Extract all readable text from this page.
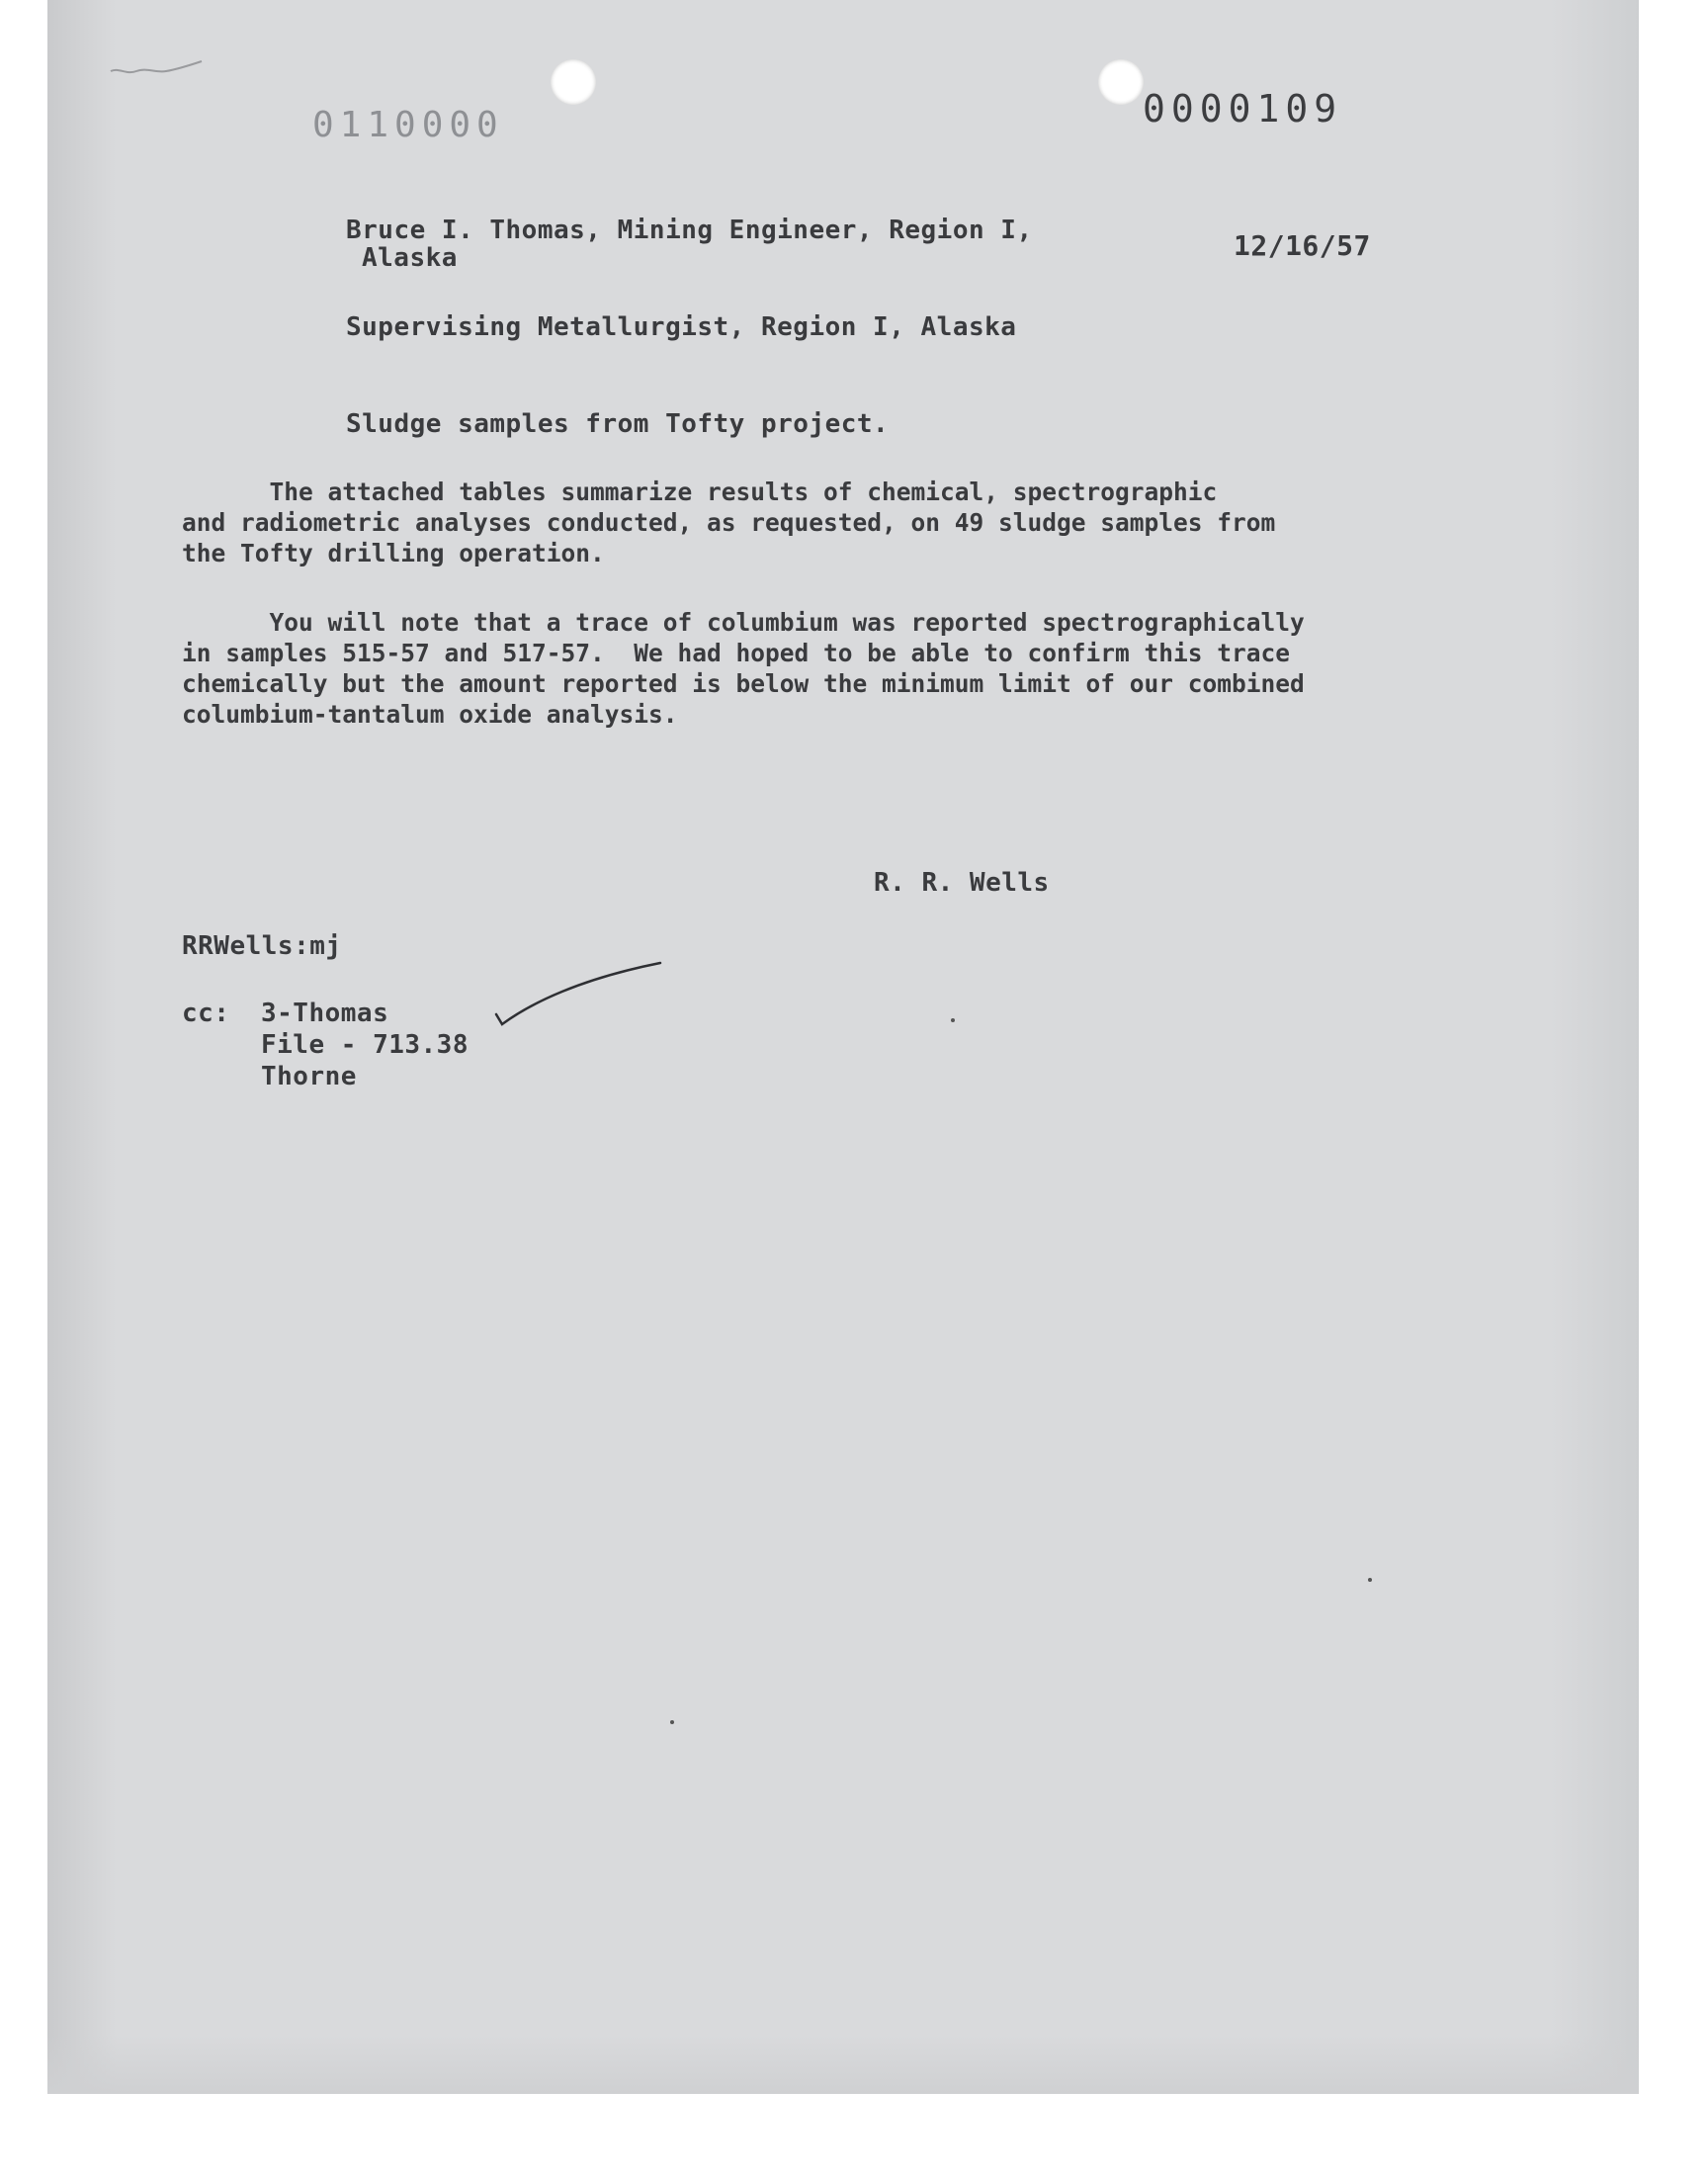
0110000	0000109
Bruce I. Thomas, Mining Engineer, Region I,
Alaska	12/16/57
Supervising Metallurgist, Region I, Alaska
Sludge samples from Tofty project.

The attached tables summarize results of chemical, spectrographic
and radiometric analyses conducted, as requested, on 49 sludge samples from
the Tofty drilling operation.

You will note that a trace of columbium was reported spectrographically
in samples 515-57 and 517-57.  We had hoped to be able to confirm this trace
chemically but the amount reported is below the minimum limit of our combined
columbium-tantalum oxide analysis.

R. R. Wells
RRWells:mj
cc: 3-Thomas
File - 713.38
Thorne
